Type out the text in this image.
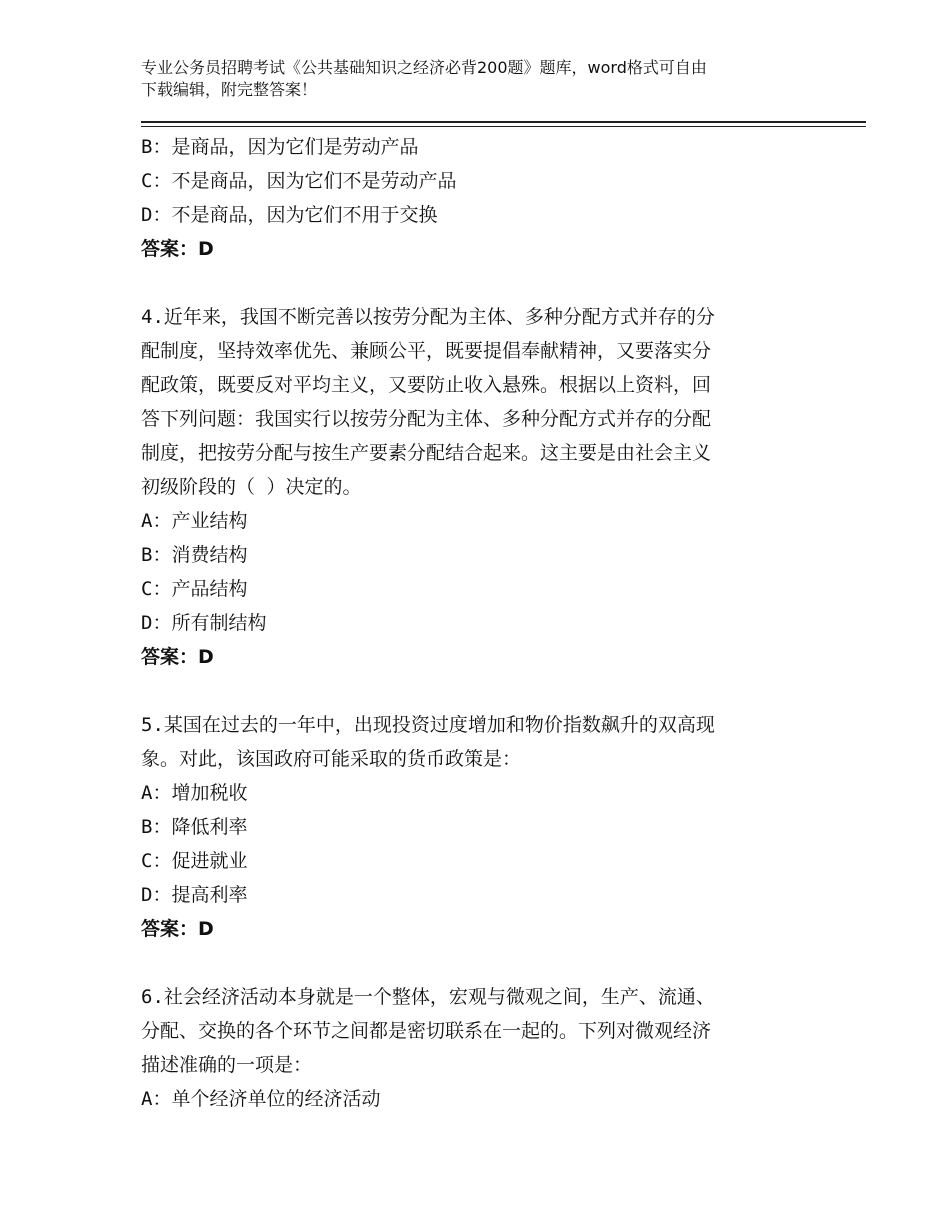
专业公务员招聘考试《公共基础知识之经济必背200题》题库，word格式可自由
下载编辑，附完整答案！
B：是商品，因为它们是劳动产品
C：不是商品，因为它们不是劳动产品
D：不是商品，因为它们不用于交换
答案：D
4.近年来，我国不断完善以按劳分配为主体、多种分配方式并存的分
配制度，坚持效率优先、兼顾公平，既要提倡奉献精神，又要落实分
配政策，既要反对平均主义，又要防止收入悬殊。根据以上资料，回
答下列问题：我国实行以按劳分配为主体、多种分配方式并存的分配
制度，把按劳分配与按生产要素分配结合起来。这主要是由社会主义
初级阶段的（ ）决定的。
A：产业结构
B：消费结构
C：产品结构
D：所有制结构
答案：D
5.某国在过去的一年中，出现投资过度增加和物价指数飙升的双高现
象。对此，该国政府可能采取的货币政策是：
A：增加税收
B：降低利率
C：促进就业
D：提高利率
答案：D
6.社会经济活动本身就是一个整体，宏观与微观之间，生产、流通、
分配、交换的各个环节之间都是密切联系在一起的。下列对微观经济
描述准确的一项是：
A：单个经济单位的经济活动
